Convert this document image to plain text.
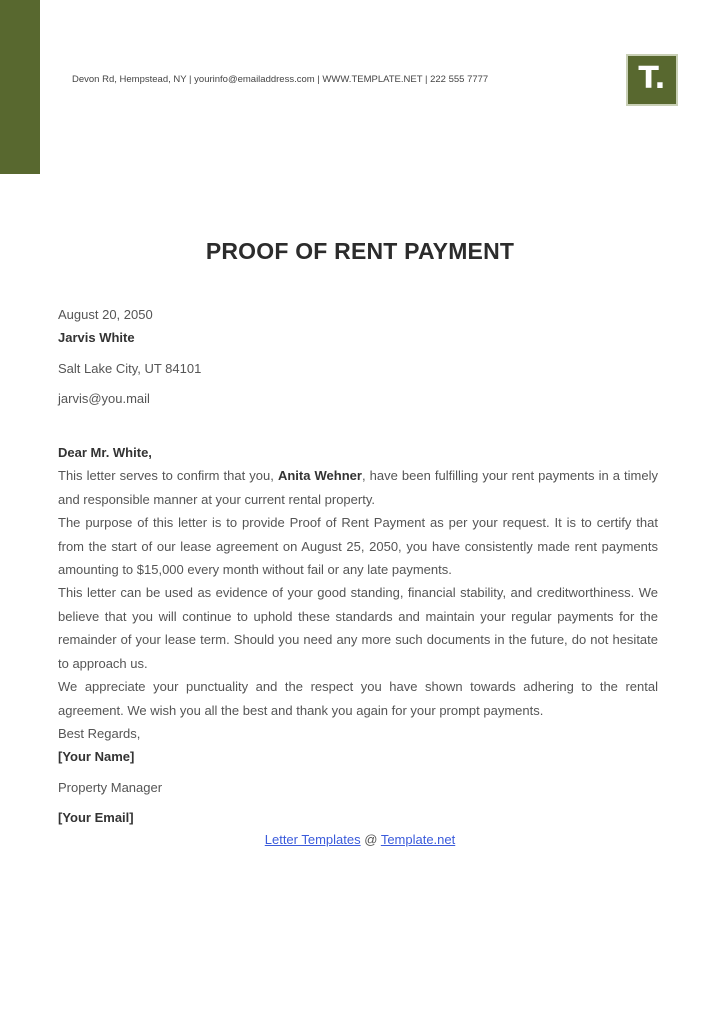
Devon Rd, Hempstead, NY | yourinfo@emailaddress.com | WWW.TEMPLATE.NET | 222 555 7777	T.
PROOF OF RENT PAYMENT
August 20, 2050
Jarvis White
Salt Lake City, UT 84101
jarvis@you.mail
Dear Mr. White,

This letter serves to confirm that you, Anita Wehner, have been fulfilling your rent payments in a timely and responsible manner at your current rental property.

The purpose of this letter is to provide Proof of Rent Payment as per your request. It is to certify that from the start of our lease agreement on August 25, 2050, you have consistently made rent payments amounting to $15,000 every month without fail or any late payments.

This letter can be used as evidence of your good standing, financial stability, and creditworthiness. We believe that you will continue to uphold these standards and maintain your regular payments for the remainder of your lease term. Should you need any more such documents in the future, do not hesitate to approach us.

We appreciate your punctuality and the respect you have shown towards adhering to the rental agreement. We wish you all the best and thank you again for your prompt payments.

Best Regards,
[Your Name]
Property Manager
[Your Email]
Letter Templates @ Template.net
